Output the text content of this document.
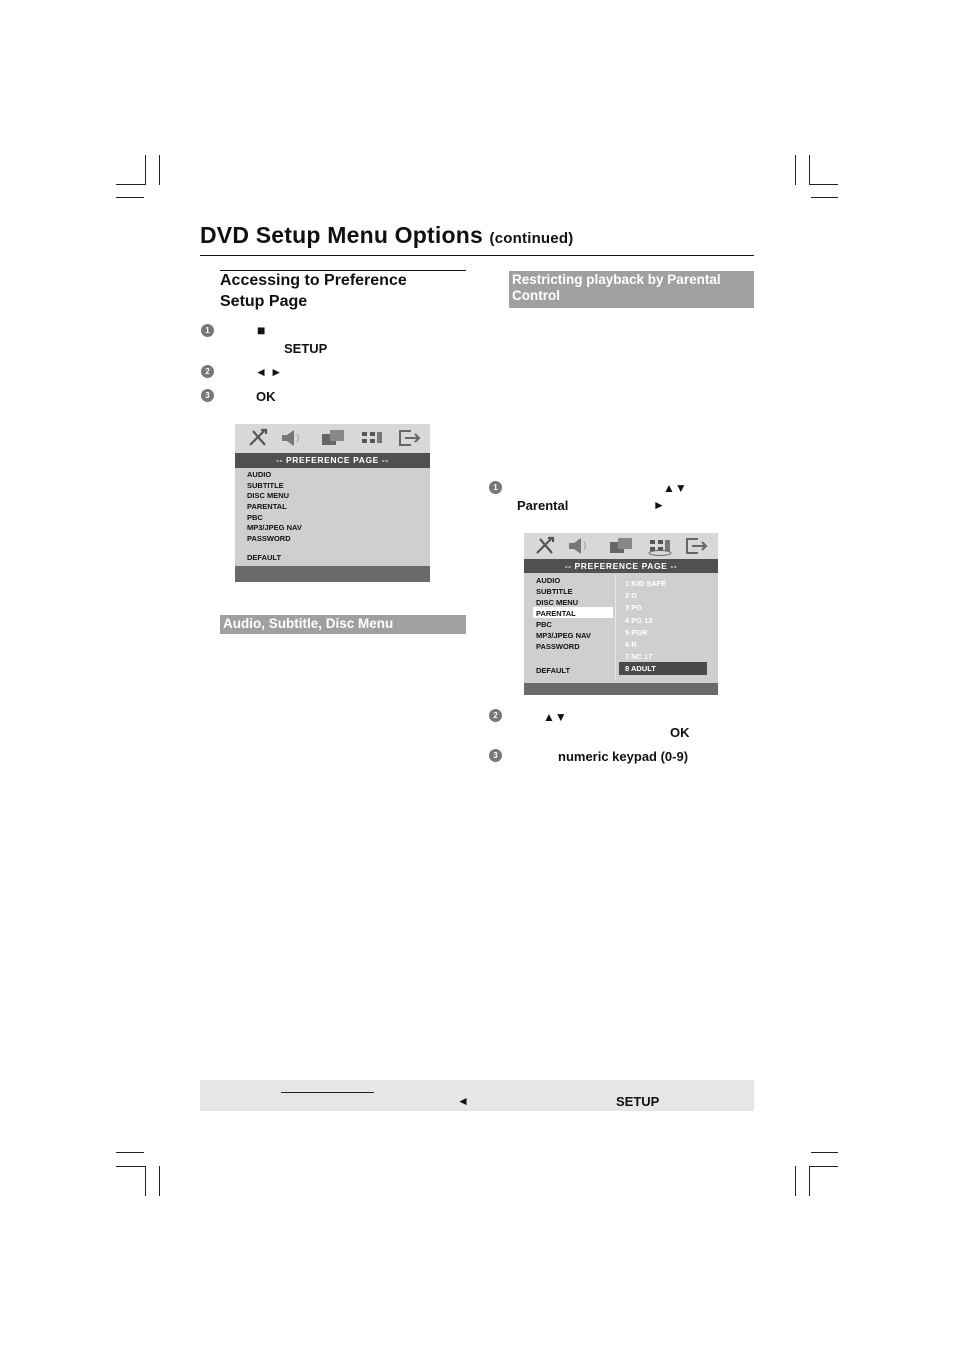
DVD Setup Menu Options (continued)
Accessing to Preference
Setup Page
1	■
SETUP
2	◄ ►
3	OK
-- PREFERENCE PAGE --
AUDIO
SUBTITLE
DISC MENU
PARENTAL
PBC
MP3/JPEG NAV
PASSWORD
DEFAULT
Audio, Subtitle, Disc Menu
Restricting playback by Parental Control
1	▲▼
Parental	►
-- PREFERENCE PAGE --
AUDIO
SUBTITLE
DISC MENU
PARENTAL
PBC
MP3/JPEG NAV
PASSWORD
DEFAULT
1 KID SAFE
2 G
3 PG
4 PG 13
5 PGR
6 R
7 NC 17
8 ADULT
2	▲▼
OK
3	numeric keypad (0-9)
◄	SETUP
